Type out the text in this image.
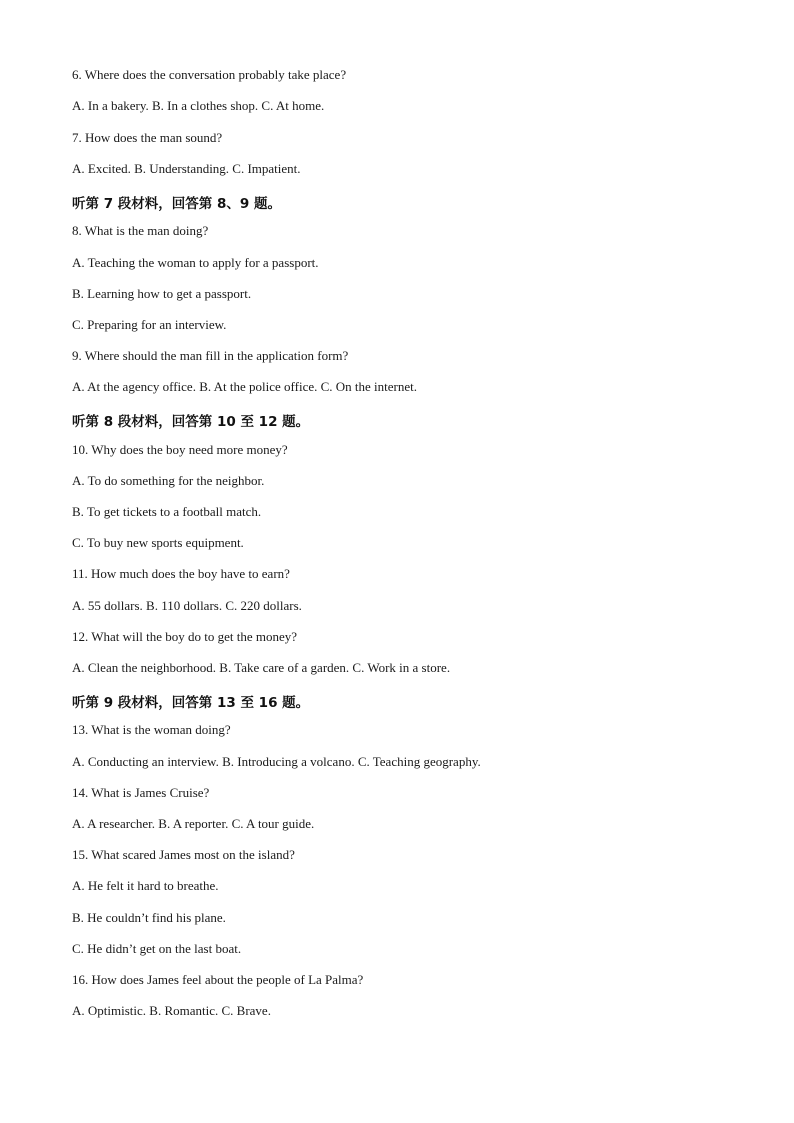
6. Where does the conversation probably take place?
A. In a bakery. B. In a clothes shop. C. At home.
7. How does the man sound?
A. Excited. B. Understanding. C. Impatient.
听第 7 段材料，回答第 8、9 题。
8. What is the man doing?
A. Teaching the woman to apply for a passport.
B. Learning how to get a passport.
C. Preparing for an interview.
9. Where should the man fill in the application form?
A. At the agency office. B. At the police office. C. On the internet.
听第 8 段材料，回答第 10 至 12 题。
10. Why does the boy need more money?
A. To do something for the neighbor.
B. To get tickets to a football match.
C. To buy new sports equipment.
11. How much does the boy have to earn?
A. 55 dollars. B. 110 dollars. C. 220 dollars.
12. What will the boy do to get the money?
A. Clean the neighborhood. B. Take care of a garden. C. Work in a store.
听第 9 段材料，回答第 13 至 16 题。
13. What is the woman doing?
A. Conducting an interview. B. Introducing a volcano. C. Teaching geography.
14. What is James Cruise?
A. A researcher. B. A reporter. C. A tour guide.
15. What scared James most on the island?
A. He felt it hard to breathe.
B. He couldn’t find his plane.
C. He didn’t get on the last boat.
16. How does James feel about the people of La Palma?
A. Optimistic. B. Romantic. C. Brave.
